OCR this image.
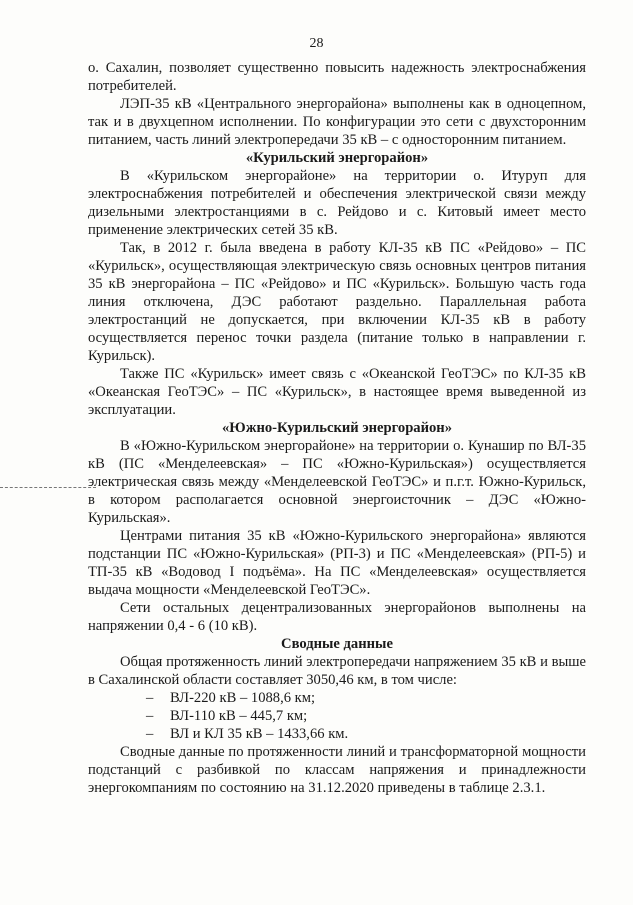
28

о. Сахалин, позволяет существенно повысить надежность электроснабжения потребителей.

ЛЭП-35 кВ «Центрального энергорайона» выполнены как в одноцепном, так и в двухцепном исполнении. По конфигурации это сети с двухсторонним питанием, часть линий электропередачи 35 кВ – с односторонним питанием.

«Курильский энергорайон»

В «Курильском энергорайоне» на территории о. Итуруп для электроснабжения потребителей и обеспечения электрической связи между дизельными электростанциями в с. Рейдово и с. Китовый имеет место применение электрических сетей 35 кВ.

Так, в 2012 г. была введена в работу КЛ-35 кВ ПС «Рейдово» – ПС «Курильск», осуществляющая электрическую связь основных центров питания 35 кВ энергорайона – ПС «Рейдово» и ПС «Курильск». Большую часть года линия отключена, ДЭС работают раздельно. Параллельная работа электростанций не допускается, при включении КЛ-35 кВ в работу осуществляется перенос точки раздела (питание только в направлении г. Курильск).

Также ПС «Курильск» имеет связь с «Океанской ГеоТЭС» по КЛ-35 кВ «Океанская ГеоТЭС» – ПС «Курильск», в настоящее время выведенной из эксплуатации.

«Южно-Курильский энергорайон»

В «Южно-Курильском энергорайоне» на территории о. Кунашир по ВЛ-35 кВ (ПС «Менделеевская» – ПС «Южно-Курильская») осуществляется электрическая связь между «Менделеевской ГеоТЭС» и п.г.т. Южно-Курильск, в котором располагается основной энергоисточник – ДЭС «Южно-Курильская».

Центрами питания 35 кВ «Южно-Курильского энергорайона» являются подстанции ПС «Южно-Курильская» (РП-3) и ПС «Менделеевская» (РП-5) и ТП-35 кВ «Водовод I подъёма». На ПС «Менделеевская» осуществляется выдача мощности «Менделеевской ГеоТЭС».

Сети остальных децентрализованных энергорайонов выполнены на напряжении 0,4 - 6 (10 кВ).

Сводные данные

Общая протяженность линий электропередачи напряжением 35 кВ и выше в Сахалинской области составляет 3050,46 км, в том числе:

– ВЛ-220 кВ – 1088,6 км;
– ВЛ-110 кВ – 445,7 км;
– ВЛ и КЛ 35 кВ – 1433,66 км.

Сводные данные по протяженности линий и трансформаторной мощности подстанций с разбивкой по классам напряжения и принадлежности энергокомпаниям по состоянию на 31.12.2020 приведены в таблице 2.3.1.
